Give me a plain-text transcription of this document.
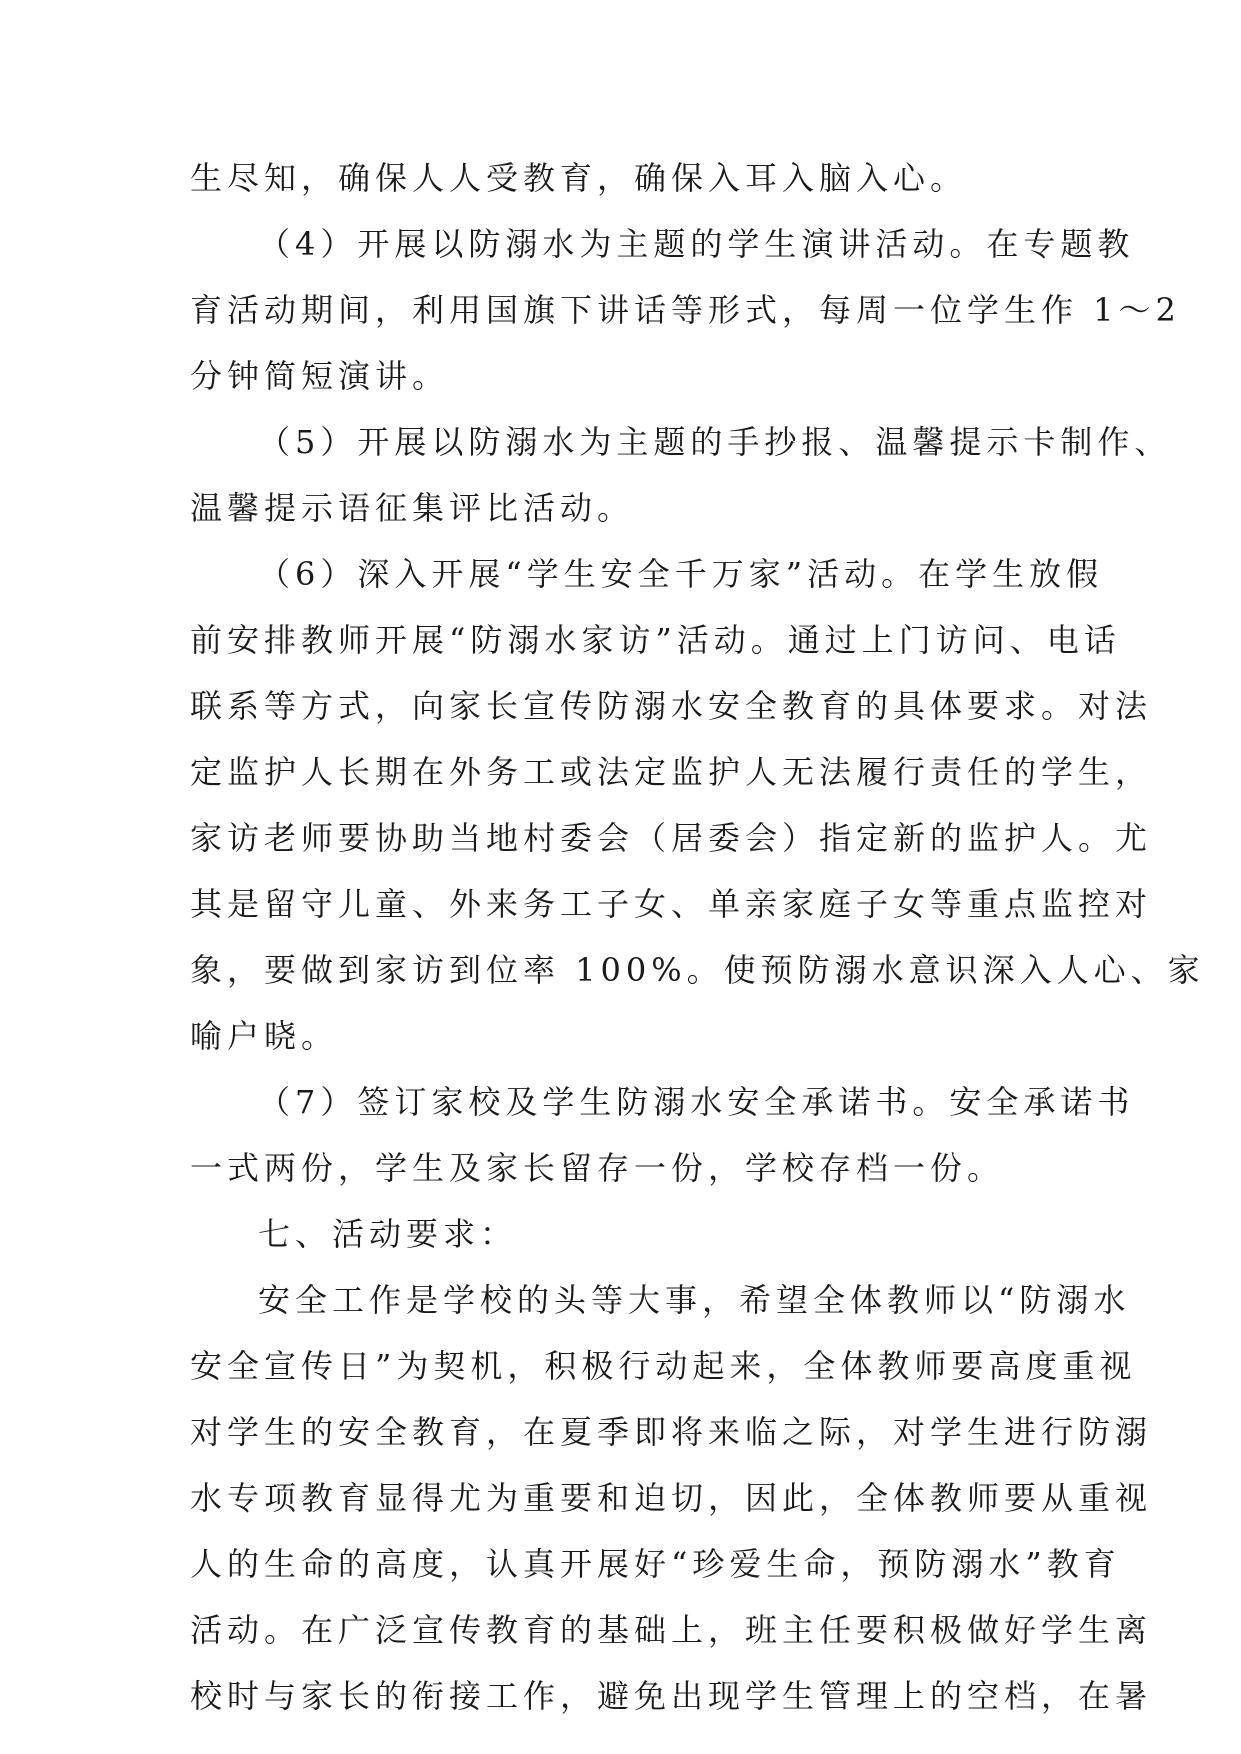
生尽知，确保人人受教育，确保入耳入脑入心。
（4）开展以防溺水为主题的学生演讲活动。在专题教
育活动期间，利用国旗下讲话等形式，每周一位学生作 1～2
分钟简短演讲。
（5）开展以防溺水为主题的手抄报、温馨提示卡制作、
温馨提示语征集评比活动。
（6）深入开展“学生安全千万家”活动。在学生放假
前安排教师开展“防溺水家访”活动。通过上门访问、电话
联系等方式，向家长宣传防溺水安全教育的具体要求。对法
定监护人长期在外务工或法定监护人无法履行责任的学生，
家访老师要协助当地村委会（居委会）指定新的监护人。尤
其是留守儿童、外来务工子女、单亲家庭子女等重点监控对
象，要做到家访到位率 100%。使预防溺水意识深入人心、家
喻户晓。
（7）签订家校及学生防溺水安全承诺书。安全承诺书
一式两份，学生及家长留存一份，学校存档一份。
七、活动要求：
安全工作是学校的头等大事，希望全体教师以“防溺水
安全宣传日”为契机，积极行动起来，全体教师要高度重视
对学生的安全教育，在夏季即将来临之际，对学生进行防溺
水专项教育显得尤为重要和迫切，因此，全体教师要从重视
人的生命的高度，认真开展好“珍爱生命，预防溺水”教育
活动。在广泛宣传教育的基础上，班主任要积极做好学生离
校时与家长的衔接工作，避免出现学生管理上的空档，在暑
